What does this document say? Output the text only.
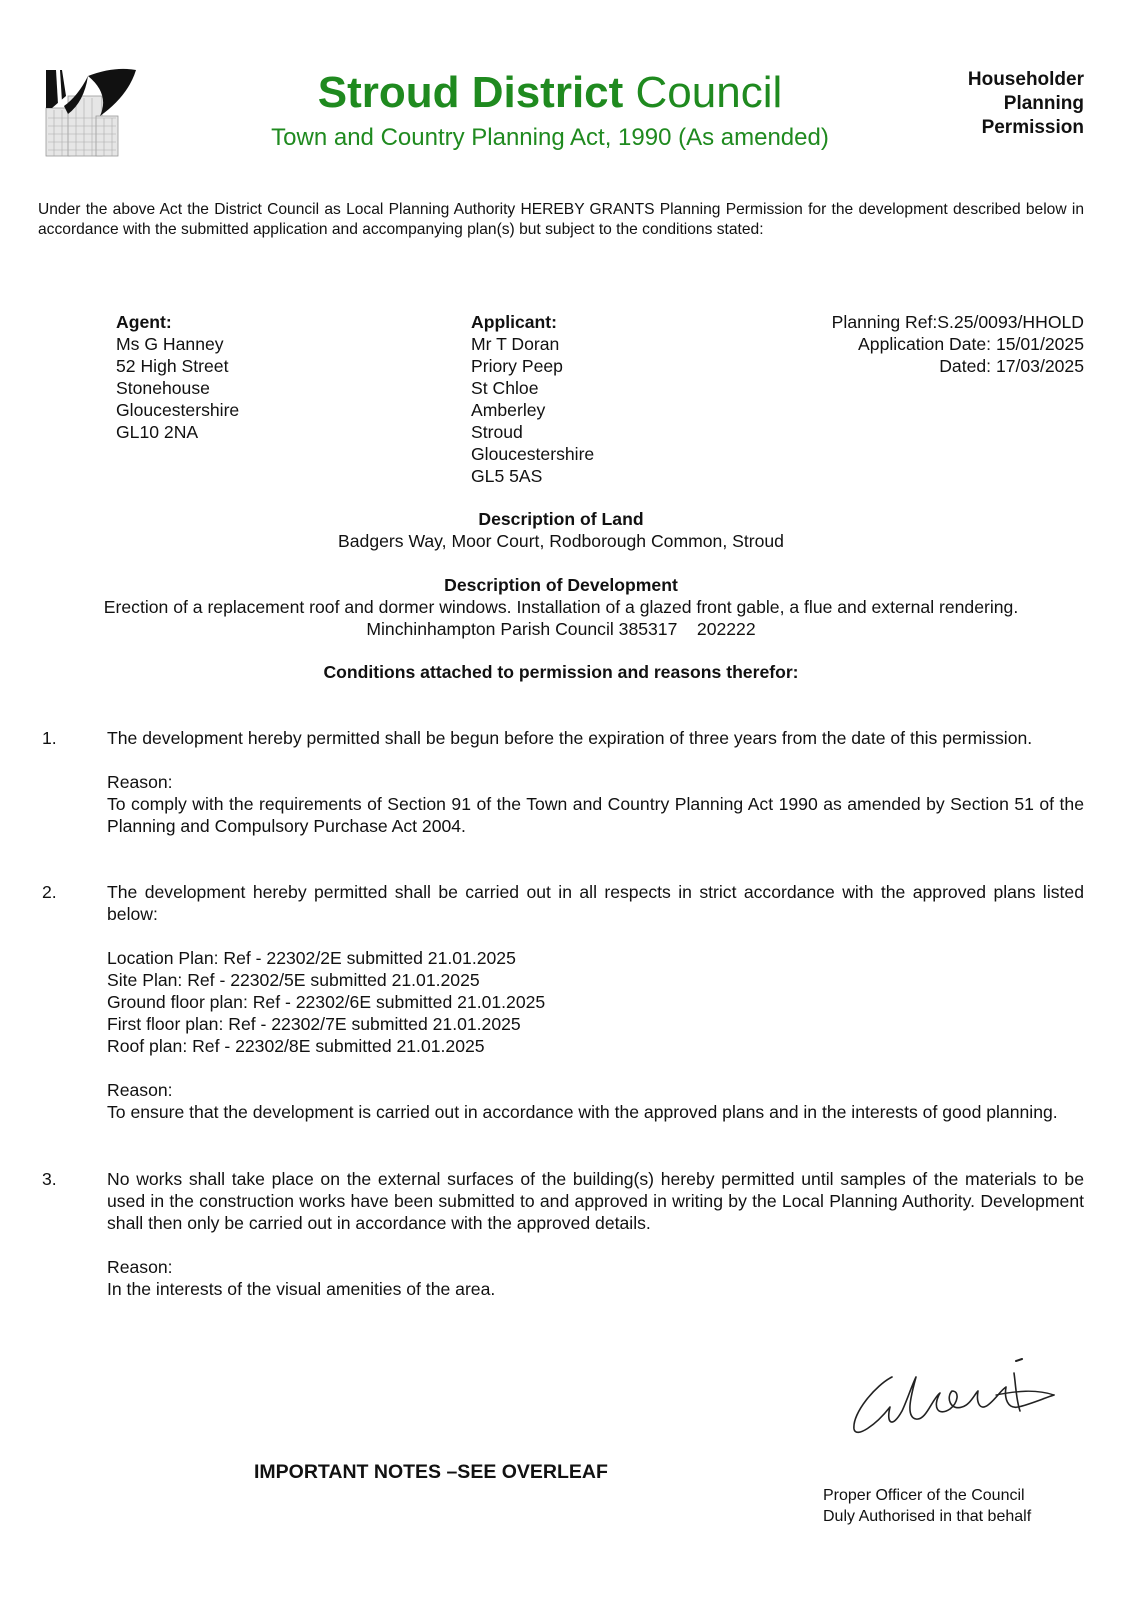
Stroud District Council
Town and Country Planning Act, 1990 (As amended)
Householder
Planning
Permission
Under the above Act the District Council as Local Planning Authority HEREBY GRANTS Planning Permission for the development described below in accordance with the submitted application and accompanying plan(s) but subject to the conditions stated:
Agent:
Ms G Hanney
52 High Street
Stonehouse
Gloucestershire
GL10 2NA
Applicant:
Mr T Doran
Priory Peep
St Chloe
Amberley
Stroud
Gloucestershire
GL5 5AS
Planning Ref:S.25/0093/HHOLD
Application Date: 15/01/2025
Dated: 17/03/2025
Description of Land
Badgers Way, Moor Court, Rodborough Common, Stroud
Description of Development
Erection of a replacement roof and dormer windows. Installation of a glazed front gable, a flue and external rendering.
Minchinhampton Parish Council 385317    202222
Conditions attached to permission and reasons therefor:
1.	The development hereby permitted shall be begun before the expiration of three years from the date of this permission.

Reason:

To comply with the requirements of Section 91 of the Town and Country Planning Act 1990 as amended by Section 51 of the Planning and Compulsory Purchase Act 2004.

2.	The development hereby permitted shall be carried out in all respects in strict accordance with the approved plans listed below:

Location Plan: Ref - 22302/2E submitted 21.01.2025
Site Plan: Ref - 22302/5E submitted 21.01.2025
Ground floor plan: Ref - 22302/6E submitted 21.01.2025
First floor plan: Ref - 22302/7E submitted 21.01.2025
Roof plan: Ref - 22302/8E submitted 21.01.2025
Reason:

To ensure that the development is carried out in accordance with the approved plans and in the interests of good planning.

3.	No works shall take place on the external surfaces of the building(s) hereby permitted until samples of the materials to be used in the construction works have been submitted to and approved in writing by the Local Planning Authority. Development shall then only be carried out in accordance with the approved details.

Reason:

In the interests of the visual amenities of the area.

IMPORTANT NOTES –SEE OVERLEAF
Proper Officer of the Council
Duly Authorised in that behalf
